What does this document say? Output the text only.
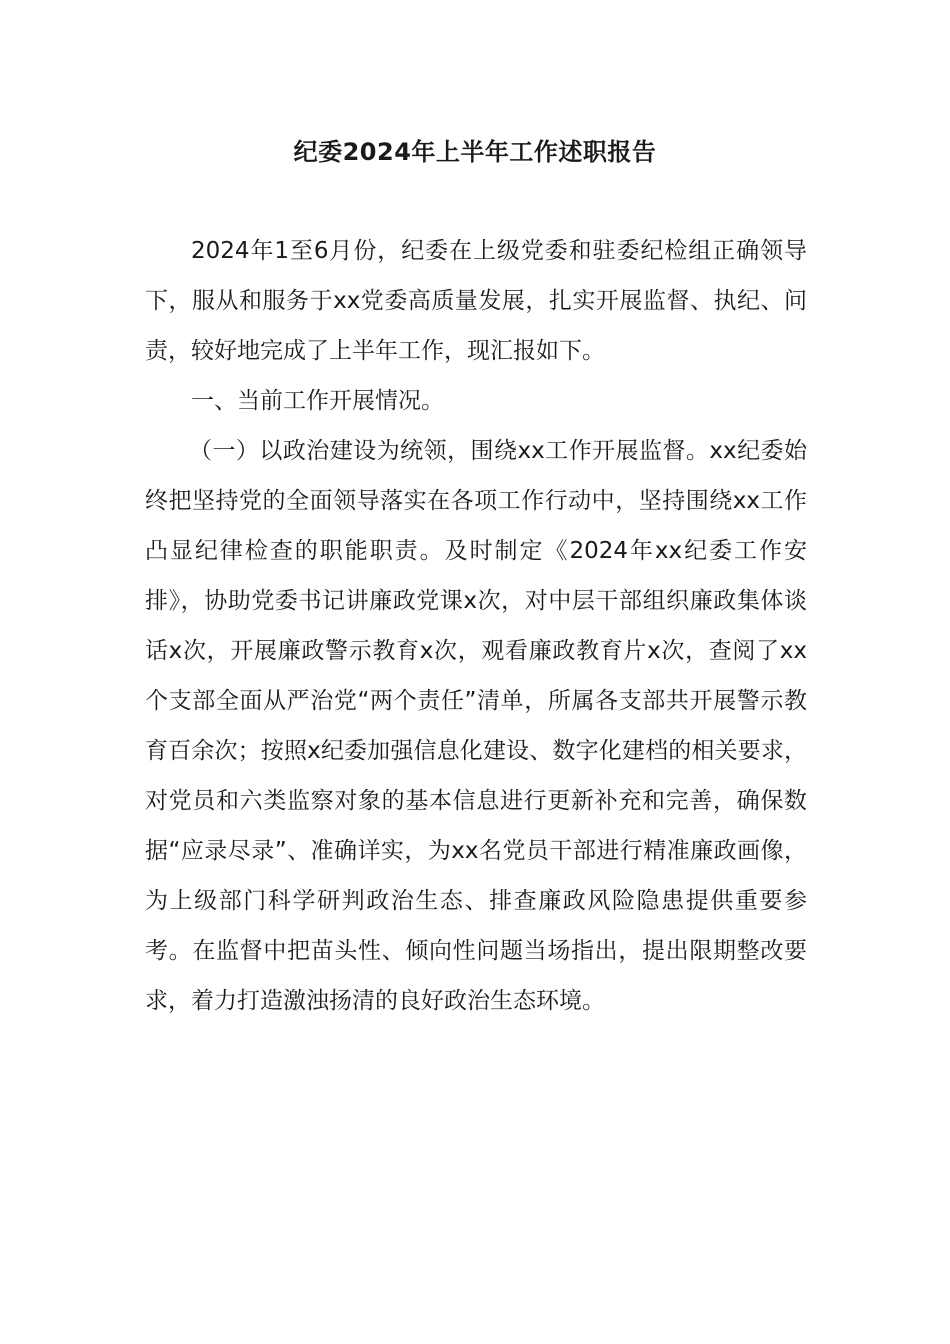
纪委2024年上半年工作述职报告

2024年1至6月份，纪委在上级党委和驻委纪检组正确领导下，服从和服务于xx党委高质量发展，扎实开展监督、执纪、问责，较好地完成了上半年工作，现汇报如下。

一、当前工作开展情况。

（一）以政治建设为统领，围绕xx工作开展监督。xx纪委始终把坚持党的全面领导落实在各项工作行动中，坚持围绕xx工作凸显纪律检查的职能职责。及时制定《2024年xx纪委工作安排》，协助党委书记讲廉政党课x次，对中层干部组织廉政集体谈话x次，开展廉政警示教育x次，观看廉政教育片x次，查阅了xx个支部全面从严治党“两个责任”清单，所属各支部共开展警示教育百余次；按照x纪委加强信息化建设、数字化建档的相关要求，对党员和六类监察对象的基本信息进行更新补充和完善，确保数据“应录尽录”、准确详实，为xx名党员干部进行精准廉政画像，为上级部门科学研判政治生态、排查廉政风险隐患提供重要参考。在监督中把苗头性、倾向性问题当场指出，提出限期整改要求，着力打造激浊扬清的良好政治生态环境。
